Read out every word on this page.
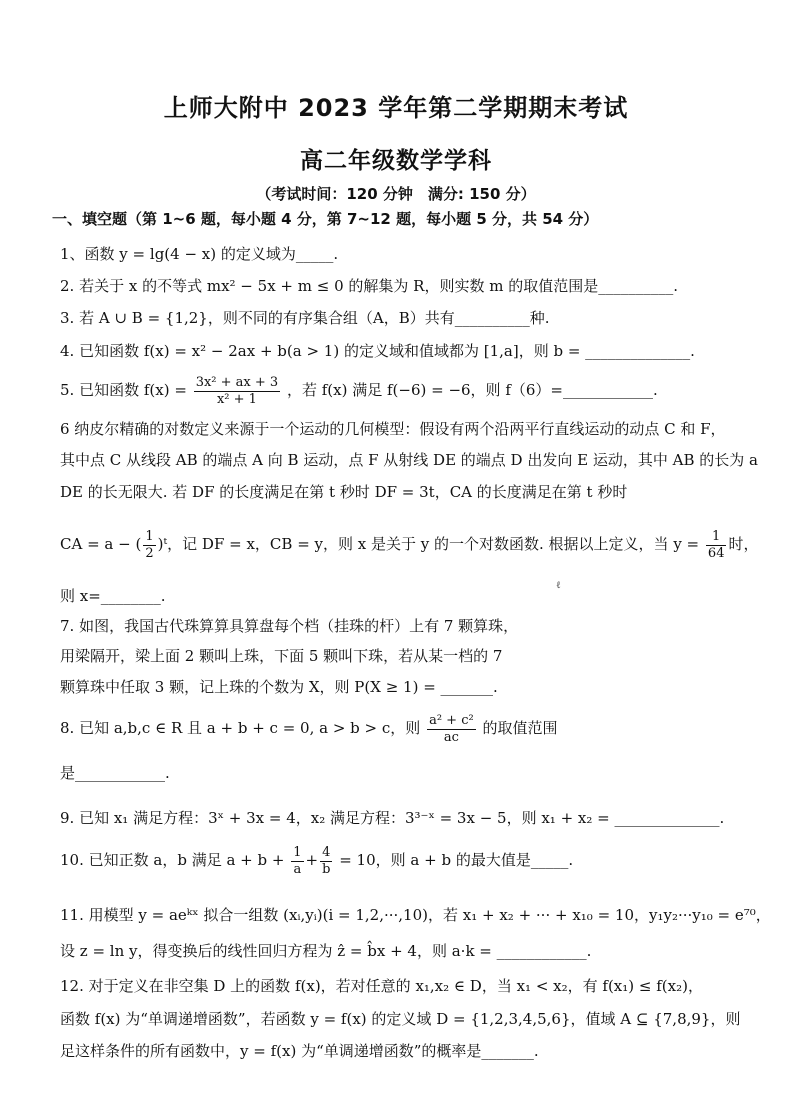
上师大附中 2023 学年第二学期期末考试
高二年级数学学科
（考试时间：120 分钟　满分: 150 分）
一、填空题（第 1~6 题，每小题 4 分，第 7~12 题，每小题 5 分，共 54 分）
1、函数 y = lg(4 − x) 的定义域为_____.
2. 若关于 x 的不等式 mx² − 5x + m ≤ 0 的解集为 R，则实数 m 的取值范围是__________.
3. 若 A ∪ B = {1,2}，则不同的有序集合组（A，B）共有__________种.
4. 已知函数 f(x) = x² − 2ax + b(a > 1) 的定义域和值域都为 [1,a]，则 b = ______________.
5. 已知函数 $f(x) = \frac{\text{3x² + ax + 3}}{\text{x² + 1}}$ ，若 f(x) 满足 f(−6) = −6，则 f（6）=____________.
6 纳皮尔精确的对数定义来源于一个运动的几何模型：假设有两个沿两平行直线运动的动点 C 和 F，
其中点 C 从线段 AB 的端点 A 向 B 运动，点 F 从射线 DE 的端点 D 出发向 E 运动，其中 AB 的长为 a
DE 的长无限大. 若 DF 的长度满足在第 t 秒时 DF = 3t，CA 的长度满足在第 t 秒时
CA = a − ( $\frac{1}{2}$ )ᵗ，记 DF = x，CB = y，则 x 是关于 y 的一个对数函数. 根据以上定义，当 $y = \frac{1}{64}$ 时，
则 x=________.
ℓ
7. 如图，我国古代珠算算具算盘每个档（挂珠的杆）上有 7 颗算珠，
用梁隔开，梁上面 2 颗叫上珠，下面 5 颗叫下珠，若从某一档的 7
颗算珠中任取 3 颗，记上珠的个数为 X，则 P(X ≥ 1) = _______.
8. 已知 a,b,c ∈ R 且 a + b + c = 0, a > b > c，则 $\frac{\text{a² + c²}}{ac}$ 的取值范围
是____________.
9. 已知 x₁ 满足方程：3ˣ + 3x = 4，x₂ 满足方程：3³⁻ˣ = 3x − 5，则 x₁ + x₂ = ______________.
10. 已知正数 a，b 满足 $a + b + \frac{1}{a} + \frac{4}{b} = 10$，则 a + b 的最大值是_____.
11. 用模型 y = aeᵏˣ 拟合一组数 (xᵢ,yᵢ)(i = 1,2,···,10)，若 x₁ + x₂ + ··· + x₁₀ = 10，y₁y₂···y₁₀ = e⁷⁰，
设 z = ln y，得变换后的线性回归方程为 ẑ = b̂x + 4，则 a·k = ____________.
12. 对于定义在非空集 D 上的函数 f(x)，若对任意的 x₁,x₂ ∈ D，当 x₁ < x₂，有 f(x₁) ≤ f(x₂)，
函数 f(x) 为“单调递增函数”，若函数 y = f(x) 的定义域 D = {1,2,3,4,5,6}，值域 A ⊆ {7,8,9}，则
足这样条件的所有函数中，y = f(x) 为“单调递增函数”的概率是_______.
